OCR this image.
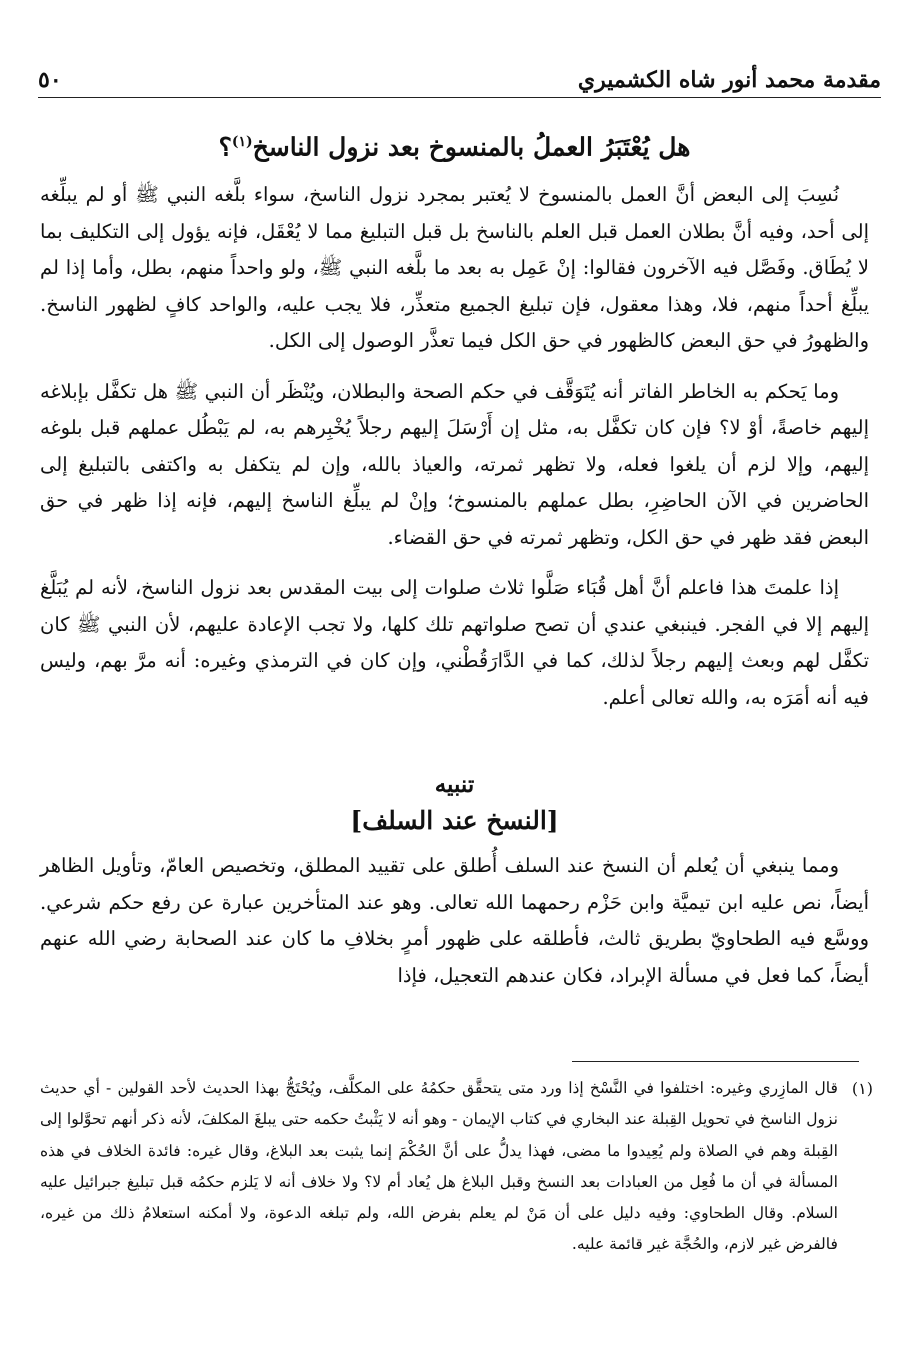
مقدمة محمد أنور شاه الكشميري
٥٠
هل يُعْتَبَرُ العملُ بالمنسوخ بعد نزول الناسخ$^{(١)}$؟

نُسِبَ إلى البعض أنَّ العمل بالمنسوخ لا يُعتبر بمجرد نزول الناسخ، سواء بلَّغه النبي ﷺ أو لم يبلِّغه إلى أحد، وفيه أنَّ بطلان العمل قبل العلم بالناسخ بل قبل التبليغ مما لا يُعْقَل، فإنه يؤول إلى التكليف بما لا يُطَاق. وفَصَّل فيه الآخرون فقالوا: إنْ عَمِل به بعد ما بلَّغه النبي ﷺ، ولو واحداً منهم، بطل، وأما إذا لم يبلِّغ أحداً منهم، فلا، وهذا معقول، فإن تبليغ الجميع متعذِّر، فلا يجب عليه، والواحد كافٍ لظهور الناسخ. والظهورُ في حق البعض كالظهور في حق الكل فيما تعذَّر الوصول إلى الكل.

وما يَحكم به الخاطر الفاتر أنه يُتَوَقَّف في حكم الصحة والبطلان، ويُنْظَر أن النبي ﷺ هل تكفَّل بإبلاغه إليهم خاصةً، أوْ لا؟ فإن كان تكفَّل به، مثل إن أَرْسَلَ إليهم رجلاً يُخْبِرهم به، لم يَبْطُل عملهم قبل بلوغه إليهم، وإلا لزم أن يلغوا فعله، ولا تظهر ثمرته، والعياذ بالله، وإن لم يتكفل به واكتفى بالتبليغ إلى الحاضرين في الآن الحاضِرِ، بطل عملهم بالمنسوخ؛ وإنْ لم يبلِّغ الناسخ إليهم، فإنه إذا ظهر في حق البعض فقد ظهر في حق الكل، وتظهر ثمرته في حق القضاء.

إذا علمتَ هذا فاعلم أنَّ أهل قُبَاء صَلَّوا ثلاث صلوات إلى بيت المقدس بعد نزول الناسخ، لأنه لم يُبَلَّغ إليهم إلا في الفجر. فينبغي عندي أن تصح صلواتهم تلك كلها، ولا تجب الإعادة عليهم، لأن النبي ﷺ كان تكفَّل لهم وبعث إليهم رجلاً لذلك، كما في الدَّارَقُطْني، وإن كان في الترمذي وغيره: أنه مرَّ بهم، وليس فيه أنه أمَرَه به، والله تعالى أعلم.

تنبيه
[النسخ عند السلف]

ومما ينبغي أن يُعلم أن النسخ عند السلف أُطلق على تقييد المطلق، وتخصيص العامّ، وتأويل الظاهر أيضاً، نص عليه ابن تيميَّة وابن حَزْم رحمهما الله تعالى. وهو عند المتأخرين عبارة عن رفع حكم شرعي. ووسَّع فيه الطحاويّ بطريق ثالث، فأطلقه على ظهور أمرٍ بخلافِ ما كان عند الصحابة رضي الله عنهم أيضاً، كما فعل في مسألة الإبراد، فكان عندهم التعجيل، فإذا

(١)

قال المازِري وغيره: اختلفوا في النَّسْخ إذا ورد متى يتحقَّق حكمُهُ على المكلَّف، ويُحْتَجُّ بهذا الحديث لأحد القولين - أي حديث نزول الناسخ في تحويل القِبلة عند البخاري في كتاب الإيمان - وهو أنه لا يَثْبتُ حكمه حتى يبلغَ المكلفَ، لأنه ذكر أنهم تحوَّلوا إلى القِبلة وهم في الصلاة ولم يُعِيدوا ما مضى، فهذا يدلُّ على أنَّ الحُكْمَ إنما يثبت بعد البلاغ، وقال غيره: فائدة الخلاف في هذه المسألة في أن ما فُعِل من العبادات بعد النسخ وقبل البلاغ هل يُعاد أم لا؟ ولا خلاف أنه لا يَلزم حكمُه قبل تبليغ جبرائيل عليه السلام. وقال الطحاوي: وفيه دليل على أن مَنْ لم يعلم بفرض الله، ولم تبلغه الدعوة، ولا أمكنه استعلامُ ذلك من غيره، فالفرض غير لازم، والحُجَّة غير قائمة عليه.
